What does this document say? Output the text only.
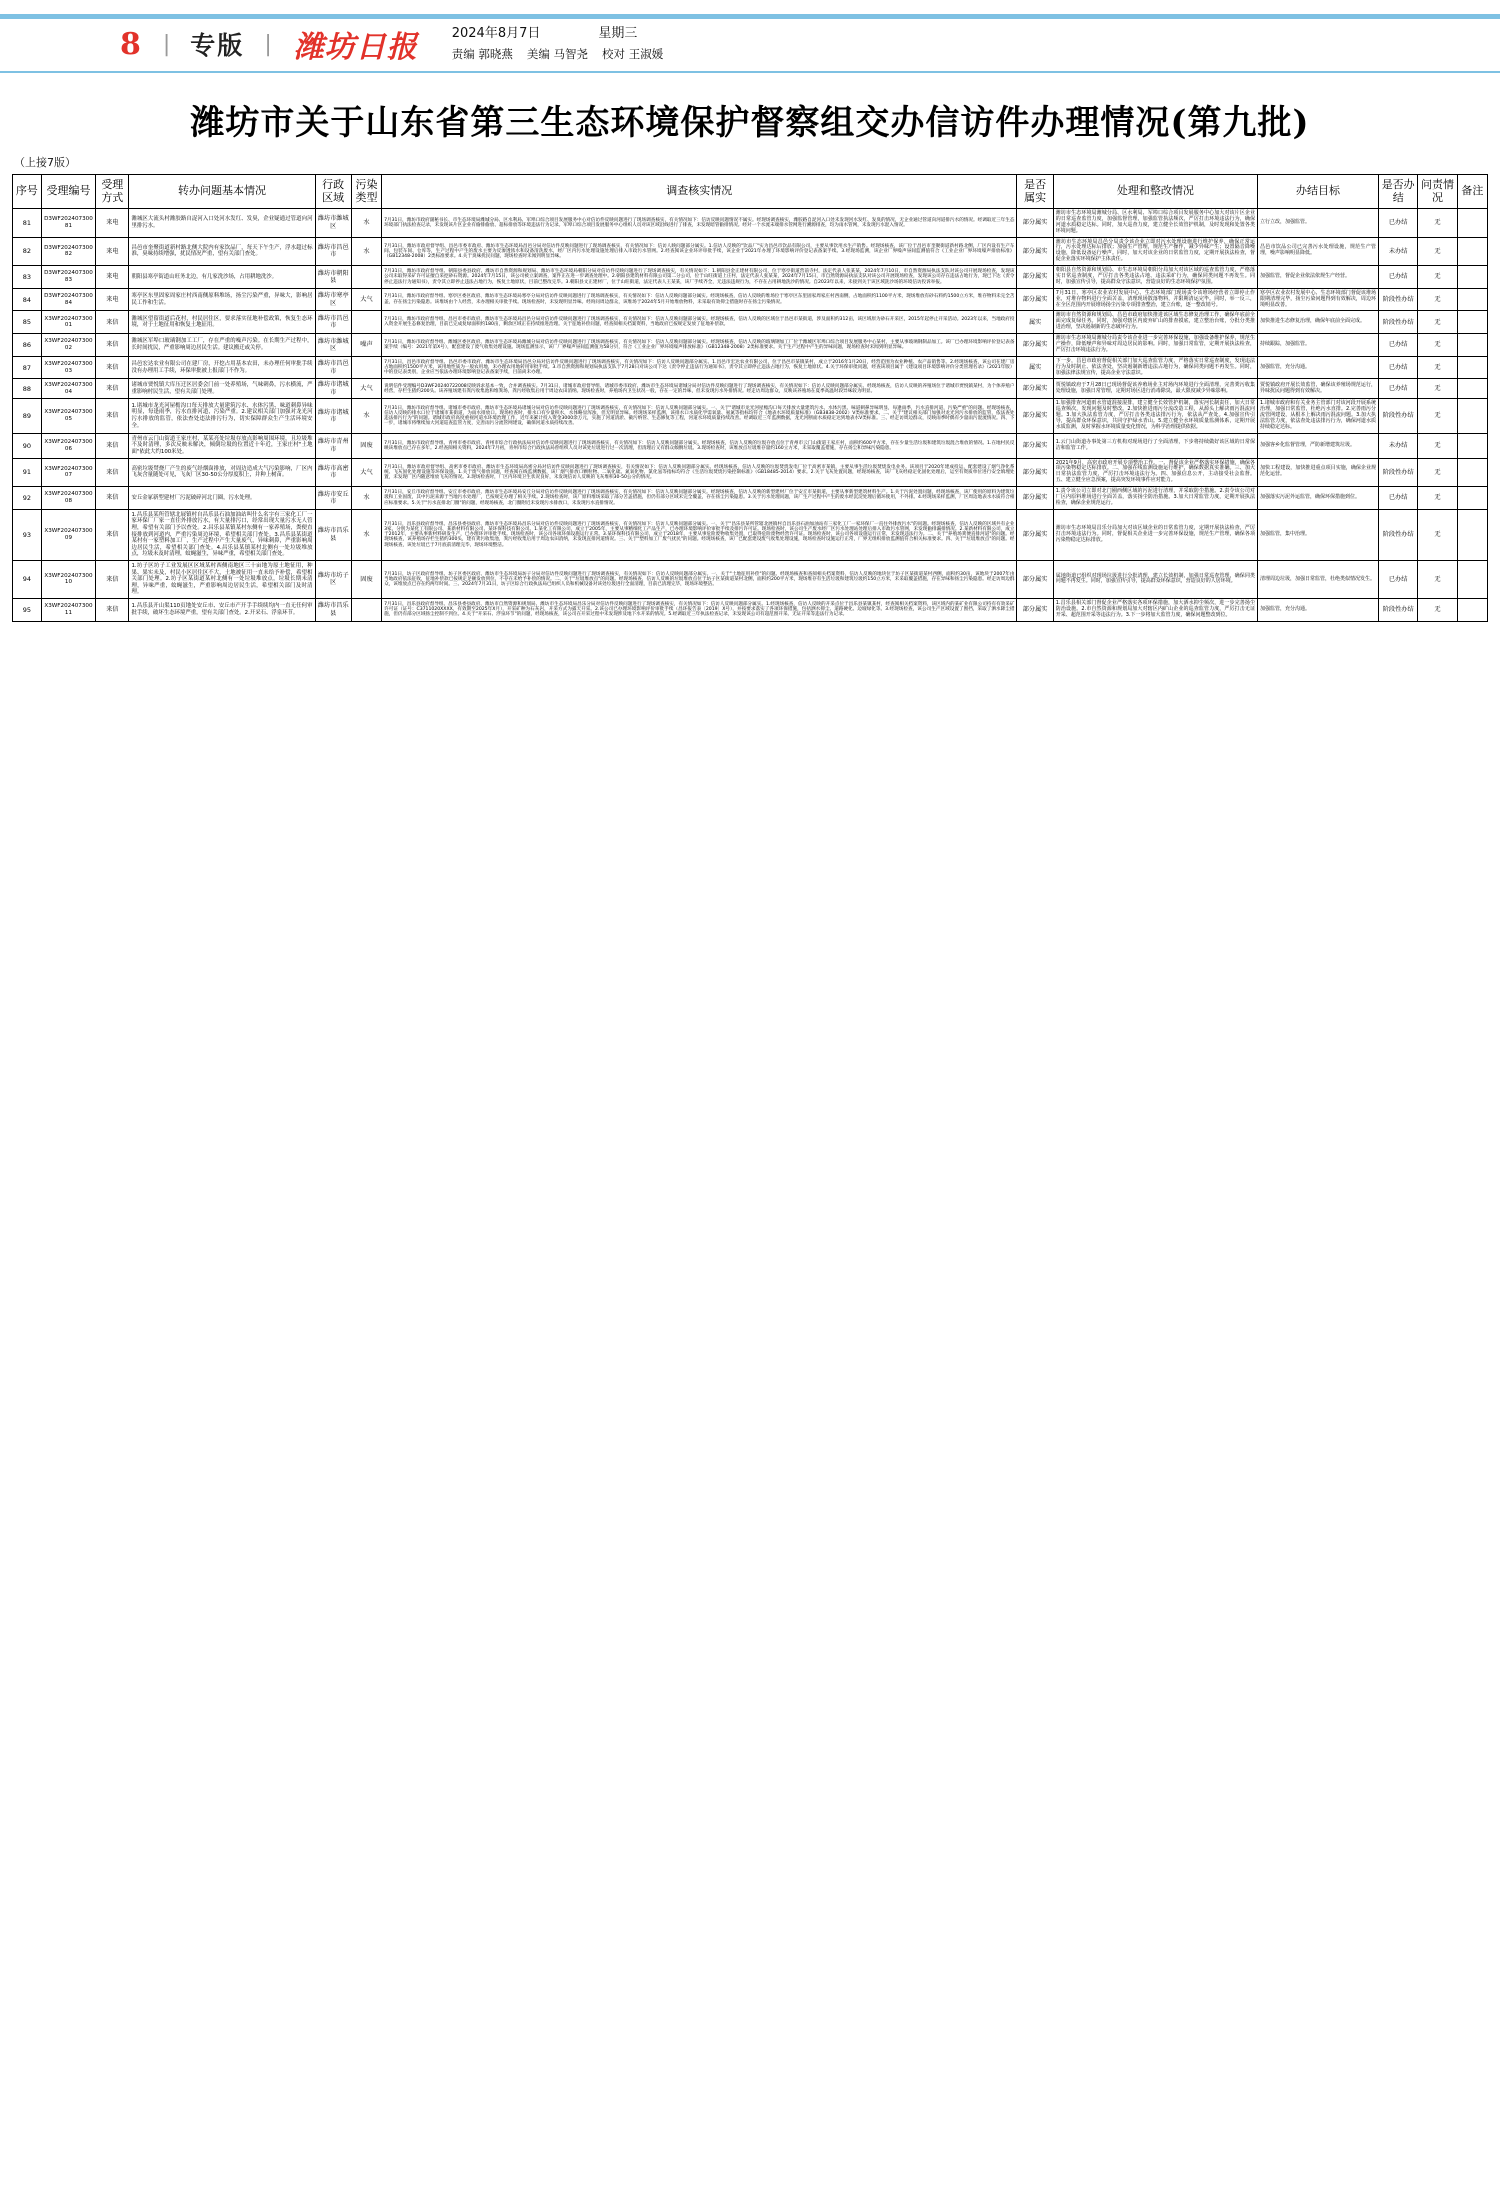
8	| 专版 | 潍坊日报	2024年8月7日	星期三
责编 郭晓燕 美编 马智尧 校对 王淑媛
潍坊市关于山东省第三生态环境保护督察组交办信访件办理情况(第九批)
（上接7版）
序号	受理编号	受理方式	转办问题基本情况	行政区域	污染类型	调查核实情况	是否属实	处理和整改情况	办结目标	是否办结	问责情况	备注
81	D3WF20240730081	来电	潍城区大流头村潍胶路自浞河入口处河水发红、发臭，企业疑通过管道向河里排污水。	潍坊市潍城区	水	7月31日，潍坊市政府副秘书长、市生态环境局潍城分局、区水利局、军埠口综合项目发展服务中心对信访件反映问题进行了现场调查核实，有关情况如下：信访反映问题情况不属实。经现场调查核实，潍胶路自浞河入口处未发现河水发红、发臭的情况，无企业通过管道向河道排污水的情况。经调取近三年生态环境部门执法检查记录，未发现该片区企业有偷排偷放、超标排放等环境违法行为记录。军埠口综合项目发展服务中心组织人员对该区域沿线进行了排查，未发现暗管偷排情况。经对一个水流末端排水管网进行溯源排查，均为雨水管网，未发现污水混入情况。	部分属实	潍坊市生态环境局潍城分局、区水利局、军埠口综合项目发展服务中心加大对该片区企业的日常巡查监管力度，加强监督管理，加强监管执法频次，严厉打击环境违法行为，确保河道水质稳定达标。同时，加大巡查力度，建立健全长效管护机制，及时发现和处置各类环境问题。	立行立改，加强监管。	已办结	无	
82	D3WF20240730082	来电	昌邑市奎聚街道新村路北侧大院内有家饮品厂，每天下午生产，浮水超过标准，臭味持续增强，扰民情况严重，望有关部门查处。	潍坊市昌邑市	水	7月31日，潍坊市政府督导组、昌邑市委市政府、潍坊市生态环境局昌邑分局对信访件反映问题进行了现场调查核实，有关情况如下：信访人映问题部分属实。1.信访人反映的"饮品厂"实为昌邑市饮品有限公司，主要从事饮用水生产销售。经现场核查，该厂位于昌邑市奎聚街道新村路北侧，厂区内设有生产车间、包装车间、仓库等，生产过程中产生的废水主要为反渗透浓水和设备清洗废水，经厂区内污水处理设施处理后排入市政污水管网。2.经查阅该企业环评审批手续，该企业于2021年办理了环境影响评价登记表备案手续。3.经现场监测，该企业厂界噪声昼间监测值符合《工业企业厂界环境噪声排放标准》（GB12348-2008）2类标准要求。4.关于臭味扰民问题，现场检查时未闻到明显异味。	部分属实	潍坊市生态环境局昌邑分局责令该企业立即对污水处理设施进行维护保养，确保正常运行，污水处理达标后排放；加强生产管理，规范生产操作，减少异味产生；设置隔音降噪设施，降低设备运行噪声。同时，加大对该企业的日常监管力度，定期开展执法检查，督促企业落实环境保护主体责任。	昌邑市饮品公司已完善污水处理设施，规范生产管理，噪声影响明显降低。	未办结	无	
83	D3WF20240730083	来电	朝阳县寒亭街道山旺务北边，有几家洗沙场，占用耕地洗沙。	潍坊市朝阳县		7月31日，潍坊市政府督导组、朝阳县委县政府、潍坊市自然资源和规划局、潍坊市生态环境局朝阳分局对信访件反映问题进行了现场调查核实，有关情况如下：1.朝阳县金正建材有限公司，位于寒亭街道营前寺村，法定代表人张某某，2024年7月10日，市自然资源局执法支队对该公司开展现场检查，发现该公司未取得采矿许可证擅自采挖砂石资源。2024年7月15日，该公司被立案调查，案件正在进一步调查处理中。2.朝阳县建筑材料有限公司第二分公司，位于山旺街道上庄村，法定代表人张某某，2024年7月15日，市自然资源局执法支队对该公司开展现场检查，发现该公司存在违法占地行为，现已下达《责令停止违法行为通知书》，责令其立即停止违法占地行为，恢复土地原状，目前已整改完毕。3.朝阳县文正建材厂，位于山旺街道，法定代表人王某某，该厂手续齐全，无违法违规行为，不存在占用耕地洗沙的情况。自2023年以来，未接到关于该区域洗沙场的环境信访投诉举报。	部分属实	朝阳县自然资源和规划局、市生态环境局朝阳分局加大对该区域的巡查监管力度，严格落实日常巡查制度，严厉打击各类违法占地、违法采矿行为，确保同类问题不再发生。同时，加强宣传引导，提高群众守法意识，营造良好的生态环境保护氛围。	加强监管，督促企业依法依规生产经营。	已办结	无	
84	D3WF20240730084	来电	寒亭区东里固家周家庄村西南侧原料堆场，扬尘污染严重，异味大，影响居民工作和生活。	潍坊市寒亭区	大气	7月31日，潍坊市政府督导组、寒亭区委区政府、潍坊市生态环境局寒亭分局对信访件反映问题进行了现场调查核实，有关情况如下：信访人反映问题部分属实。经现场核查，信访人反映的堆场位于寒亭区东里固家周家庄村西南侧，占地面积约1100平方米，现场堆放有砂石料约1500立方米，堆存物料未完全苫盖，存在扬尘污染隐患。该堆场由个人经营，未办理相关审批手续。现场检查时，未发现明显异味。经询问周边群众，该堆场于2024年5月开始堆放物料，未采取有效抑尘措施时存在扬尘污染情况。	部分属实	7月31日，寒亭区农业农村发展中心、生态环境部门现场责令该堆场经营者立即停止作业，对堆存物料进行全面苫盖，清理现场散落物料，并限期清运完毕。同时，举一反三，在全区范围内开展堆场扬尘污染专项排查整治，建立台账，逐一整改销号。	寒亭区农业农村发展中心、生态环境部门督促该堆场限期清理完毕，扬尘污染问题得到有效解决，周边环境明显改善。	阶段性办结	无	
85	X3WF20240730001	来信	潍城区望留街道后花村，村民居住区，要求落实征地补偿政策，恢复生态环境，对于土地征用和恢复土地征用。	潍坊市昌邑市		7月31日，潍坊市政府督导组、昌邑市委市政府、潍坊市生态环境局昌邑分局对信访件反映问题进行了现场调查核实，有关情况如下：信访人反映问题部分属实。经现场核查，信访人反映的区域位于昌邑市某街道，涉及面积约312亩，该区域原为砂石开采区，2015年起停止开采活动。2023年以来，当地政府投入资金开展生态修复治理，目前已完成复绿面积约180亩，剩余区域正在持续推进治理。关于征地补偿问题，经查阅相关档案资料，当地政府已按规定发放了征地补偿款。	属实	潍坊市自然资源和规划局、昌邑市政府加快推进该区域生态修复治理工作，确保年底前全面完成复绿任务。同时，加强对辖区内废弃矿山的排查摸底，建立整治台账，分批分类推进治理，坚决遏制新的生态破坏行为。	加快推进生态修复治理，确保年底前全面完成。	阶段性办结	无	
86	X3WF20240730002	来信	潍城区军埠口玻璃钢加工工厂，存在严重的噪声污染。在长期生产过程中，长时间扰民，严重影响周边居民生活。建议搬迁或关停。	潍坊市潍城区	噪声	7月31日，潍坊市政府督导组、潍城区委区政府、潍坊市生态环境局潍城分局对信访件反映问题进行了现场调查核实，有关情况如下：信访人反映问题部分属实。经现场核查，信访人反映的玻璃钢加工厂位于潍城区军埠口综合项目发展服务中心某村，主要从事玻璃钢制品加工。该厂已办理环境影响评价登记表备案手续（编号：2021年第X号），配套建设了废气收集处理设施。现场监测显示，该厂厂界噪声昼间监测值为58分贝，符合《工业企业厂界环境噪声排放标准》（GB12348-2008）2类标准要求。关于生产过程中产生的异味问题，现场检查时未闻到明显异味。	部分属实	潍坊市生态环境局潍城分局责令该企业进一步完善环保设施，加强设备维护保养，规范生产操作，降低噪声和异味对周边居民的影响。同时，加强日常监管，定期开展执法检查，严厉打击环境违法行为。	持续跟踪，加强监管。	已办结	无	
87	X3WF20240730003	来信	昌邑宏达农业有限公司在建厂房，开挖占用基本农田，未办理任何审批手续没有办理用工手续，环保审批被上报部门不作为。	潍坊市昌邑市		7月31日，昌邑市政府督导组、昌邑市委市政府、潍坊市生态环境局昌邑分局对信访件反映问题进行了现场调查核实，有关情况如下：信访人反映问题部分属实。1.昌邑市宏达农业有限公司，位于昌邑市某镇某村，成立于2016年1月20日，经营范围为农业种植、农产品销售等。2.经现场核查，该公司在建厂房占地面积约1500平方米，该用地性质为一般农用地，未办理农用地转用审批手续。3.市自然资源和规划局执法支队于7月28日对该公司下达《责令停止违法行为通知书》，责令其立即停止违法占地行为，恢复土地原状。4.关于环保审批问题，经查该项目属于《建设项目环境影响评价分类管理名录》（2021年版）中的登记表类别，企业应当依法办理环境影响登记表备案手续，目前尚未办理。	属实	下一步，昌邑市政府督促相关部门加大巡查监管力度，严格落实日常巡查制度，发现违法行为及时制止、依法查处，坚决遏制新增违法占地行为，确保同类问题不再发生。同时，加强法律法规宣传，提高企业守法意识。	加强监管，充分沟通。	已办结	无	
88	X3WF20240730004	来信	诸城市贾悦镇大库压迁区居委会门前一处养殖场，气味刺鼻，污水横流，严重影响村民生活，望有关部门处理。	潍坊市诸城市	大气	说明信件受理编号D3WF20240722008反映诉求基本一致，合并调查核实。7月31日，诸城市政府督导组、诸城市委市政府、潍坊市生态环境局诸城分局对信访件反映问题进行了现场调查核实，有关情况如下：信访人反映问题部分属实。经现场核查，信访人反映的养殖场位于诸城市贾悦镇某村，为个体养殖户经营，存栏生猪约200头。该养殖场建有粪污收集池和堆粪场，粪污经收集后用于周边农田消纳。现场检查时，养殖场内卫生状况一般，存在一定的异味，但未发现污水外排情况。经走访周边群众，反映该养殖场在夏季高温时段异味较为明显。	部分属实	贾悦镇政府于7月28日已现场督促该养殖场业主对场内环境进行全面清理，完善粪污收集处理设施，加强日常管理，定期对场区进行消毒除臭，最大限度减少异味影响。	贾悦镇政府开展长效监管，确保该养殖场规范运行，异味扰民问题得到有效解决。	已办结	无	
89	X3WF20240730005	来信	1.诸城市龙光河屋檐沟口每天排放大量建筑污水、水体污黑、味道刺鼻异味明显，每逢雨季，污水直排河道，污染严重。2.建议相关部门加强对龙光河污水排放的监管，依法查处违法排污行为，切实保障群众生产生活环境安全。	潍坊市诸城市	水	7月31日，潍坊市政府督导组、诸城市委市政府、潍坊市生态环境局诸城分局对信访件反映问题进行了现场调查核实，有关情况如下：信访人反映问题部分属实。一、关于"诸城市龙光河屋檐沟口每天排放大量建筑污水、水体污黑、味道刺鼻异味明显，每逢雨季，污水直排河道，污染严重"的问题。经现场核查，信访人反映的排水口位于诸城市某街道，为雨水排放口。现场检查时，排水口有少量积水，水体略显浑浊，但无明显异味。经现场采样监测，该排水口水质化学需氧量、氨氮等指标均符合《地表水环境质量标准》（GB3838-2002）V类标准要求。二、关于"建议相关部门加强对龙光河污水排放的监管，依法查处违法排污行为"的问题。诸城市政府高度重视河道水环境治理工作，近年来累计投入资金3000余万元，实施了河道清淤、截污纳管、生态修复等工程，河道水环境质量持续改善。经调取近三年监测数据，龙光河断面水质稳定达到地表水V类标准。三、经走访周边群众，反映雨季时偶有少量雨污混流情况。四、下一步，诸城市将继续加大河道巡查监管力度，完善雨污分流管网建设，确保河道水质持续改善。	部分属实	1.加强排查河道雨水管道混接混排，建立健全长效管护机制，落实河长制责任，加大日常巡查频次，发现问题及时整改。2.加快推进雨污分流改造工程，从源头上解决雨污混流问题。3.加大执法监管力度，严厉打击各类违法排污行为，依法从严查处。4.加强宣传引导，提高群众环保意识，共同守护绿水青山。5.建立健全水环境质量监测体系，定期开展水质监测，及时掌握水环境质量变化情况，为科学治理提供依据。	1.诸城市政府和有关业务主管部门对该河段开展系统治理，加强日常监管，杜绝污水直排。2.完善雨污分流管网建设，从根本上解决雨污混流问题。3.加大执法监管力度，依法查处违法排污行为，确保河道水质持续稳定达标。	阶段性办结	无	
90	X3WF20240730006	来信	青州市云门山街道王家庄村，某某亮处垃圾存放点影响周围环境，且垃圾堆不及时清理，多次反映未解决，倾倒垃圾的位置近十年近，王家庄村"土地面"依此大约100米处。	潍坊市青州市	固废	7月31日，潍坊市政府督导组、青州市委市政府、青州市综合行政执法局对信访件反映问题进行了现场调查核实，有关情况如下：信访人反映问题部分属实。经现场核查，信访人反映的垃圾存放点位于青州市云门山街道王家庄村，面积约600平方米，存在少量生活垃圾和建筑垃圾混合堆放的情况。1.在地村民反映该堆放点已存在多年。2.经查阅相关资料，2024年7月初，青州市综合行政执法局曾组织人员对该处垃圾进行过一次清理，但清理后又有群众倾倒垃圾。3.现场检查时，该堆放点垃圾堆存量约160立方米，未采取覆盖措施，存在扬尘和异味污染隐患。	部分属实	1.云门山街道办事处第三方机构对现场进行了全面清理，下步将持续做好该区域的日常保洁和监管工作。	加强客乡化监督管理，严防新增建筑垃圾。	未办结	无	
91	X3WF20240730007	来信	高密垃圾焚烧厂产生的废气经烟囱排放，对周边造成大气污染影响，厂区内飞灰含量随处可见，飞灰厂区30-50公分厚度积上，并种上树苗。	潍坊市高密市	大气	7月31日，潍坊市政府督导组、高密市委市政府、潍坊市生态环境局高密分局对信访件反映问题进行了现场调查核实，有关情况如下：信访人反映问题部分属实。经现场核查，信访人反映的垃圾焚烧发电厂位于高密市某镇，主要从事生活垃圾焚烧发电业务。该项目于2020年建成投运，配套建设了烟气净化系统、飞灰固化处理设施等环保设施。1.关于废气排放问题，经查阅在线监测数据，该厂烟气排放口颗粒物、二氧化硫、氮氧化物、氯化氢等指标均符合《生活垃圾焚烧污染控制标准》（GB18485-2014）要求。2.关于飞灰处置问题，经现场核查，该厂飞灰经稳定化固化处理后，运至有资质单位进行安全填埋处置，未发现厂区内随意堆放飞灰的情况。3.现场检查时，厂区内环境卫生状况良好，未发现信访人反映的飞灰堆积30-50公分的情况。	部分属实	2021年9月，高密市政府开展专项整治工作。一、督促该企业严格落实环保措施，确保各项污染物稳定达标排放。二、加强在线监测设施运行维护，确保数据真实准确。三、加大日常执法监管力度，严厉打击环境违法行为。四、加强信息公开，主动接受社会监督。五、建立健全应急预案，提高突发环境事件应对能力。	加快工程建设，加快推进重点项目实施，确保企业规范化运营。	阶段性办结	无	
92	X3WF20240730008	来信	安丘金冢新型建材厂污泥破碎河北门圈，污水处理。	潍坊市安丘市	水	7月31日，安丘市政府督导组、安丘市委市政府、潍坊市生态环境局安丘分局对信访件反映问题进行了现场调查核实，有关情况如下：信访人反映问题部分属实。经现场核查，信访人反映的新型建材厂位于安丘市某街道，主要从事新型建筑材料生产。1.关于污泥处置问题，经现场核查，该厂使用的原料为建筑垃圾和工业固废，其中污泥来源于当地污水处理厂，已按规定办理了相关手续。2.现场检查时，该厂原料堆场采取了部分苫盖措施，但仍有部分区域未完全覆盖，存在扬尘污染隐患。3.关于污水处理问题，该厂生产过程中产生的废水经沉淀处理后循环使用，不外排。4.经现场采样监测，厂区周边地表水水质符合相应标准要求。5.关于"污水直排北门圈"的问题，经现场核查，北门圈附近未发现污水排放口，未发现污水直排情况。	部分属实	1.责令该公司立即对北门圈西侧区域的污泥进行清理，并采取防尘措施。2.责令该公司对厂区内原料堆场进行全面苫盖，落实扬尘防治措施。3.加大日常监管力度，定期开展执法检查，确保企业规范运行。	加强落实污泥外运监管，确保环保措施到位。	已办结	无	
93	X3WF20240730009	来信	1.昌乐县某所管辖北展镇村自昌乐县石油加油站叫什么名字有三家化工厂一家环保厂厂家一直往外排放污水，有大量排污口，经常出现大量污水无人管理，希望有关部门予以查处。2.昌乐县某镇某村东侧有一家养殖场，粪便直接排放到河道内，严重污染周边环境，希望相关部门查处。3.昌乐县某街道某村有一家塑料加工厂，生产过程中产生大量废气，异味刺鼻，严重影响周边居民生活，希望相关部门查处。4.昌乐县某镇某村北侧有一处垃圾堆放点，垃圾未及时清理，蚊蝇滋生，异味严重，希望相关部门查处。	潍坊市昌乐县	水	7月31日，昌乐县政府督导组、昌乐县委县政府、潍坊市生态环境局昌乐分局对信访件反映问题进行了现场调查核实，有关情况如下：信访人反映问题部分属实。一、关于"昌乐县某所管辖北展镇村自昌乐县石油加油站有三家化工厂一家环保厂一直往外排放污水"的问题。经现场核查，信访人反映的区域共有企业3家，分别为某化工有限公司、某新材料有限公司、某环保科技有限公司。1.某化工有限公司，成立于2005年，主要从事精细化工产品生产，已办理环境影响评价审批手续及排污许可证。现场检查时，该公司生产废水经厂区污水处理站处理后排入市政污水管网，未发现偷排漏排情况。2.某新材料有限公司，成立于2012年，主要从事新材料研发生产，已办理环评审批手续。现场检查时，该公司各项环保设施运行正常。3.某环保科技有限公司，成立于2018年，主要从事危险废物收集处置，已取得危险废物经营许可证。现场检查时，该公司各项设施运行正常，未发现违法行为。二、关于"养殖场粪便直排河道"的问题。经现场核查，该养殖场存栏生猪约300头，建有粪污收集池，粪污经收集后用于周边农田消纳，未发现直排河道情况。三、关于"塑料加工厂废气扰民"的问题。经现场核查，该厂已配套建设废气收集处理设施，现场检查时设施运行正常，厂界无组织排放监测值符合相关标准要求。四、关于"垃圾堆放点"的问题。经现场核查，该处垃圾已于7月底前清理完毕，现场环境整洁。	部分属实	潍坊市生态环境局昌乐分局加大对该区域企业的日常监管力度，定期开展执法检查，严厉打击环境违法行为。同时，督促相关企业进一步完善环保设施，规范生产管理，确保各项污染物稳定达标排放。	加强监管，集中治理。	阶段性办结	无	
94	X3WF20240730010	来信	1.坊子区坊子工业发展区区域某村西侧南地区三十亩地为原土地征用，种果、果实未及，村民小区居住区不大，土地被征用一直未给予补偿，希望相关部门处理。2.坊子区某街道某村北侧有一处垃圾堆放点，垃圾长期未清理，异味严重，蚊蝇滋生，严重影响周边居民生活，希望相关部门及时清理。	潍坊市坊子区	固废	7月31日，坊子区政府督导组、坊子区委区政府、潍坊市生态环境局坊子分局对信访件反映问题进行了现场调查核实，有关情况如下：信访人反映问题部分属实。一、关于"土地征用补偿"的问题。经现场核查和查阅相关档案资料，信访人反映的地块位于坊子区某街道某村西侧，面积约30亩，该地块于2007年由当地政府依法征收，征地补偿款已按规定足额发放到位，不存在未给予补偿的情况。二、关于"垃圾堆放点"的问题。经现场核查，信访人反映的垃圾堆放点位于坊子区某街道某村北侧，面积约200平方米，现场堆存有生活垃圾和建筑垃圾约150立方米，未采取覆盖措施，存在异味和扬尘污染隐患。经走访周边群众，该堆放点已存在约两年时间。三、2024年7月31日，坊子区综合行政执法局已组织人员和机械设备对该处垃圾进行全面清理，目前已清理完毕，现场环境整洁。	部分属实	属地街道已组织对现场垃圾进行分批清理，建立长效机制，加强日常巡查管理，确保同类问题不再发生。同时，加强宣传引导，提高群众环保意识，营造良好的人居环境。	清理周边垃圾，加强日常监管，杜绝类似情况发生。	已办结	无	
95	X3WF20240730011	来信	1.昌乐县开山渠110页地处安丘市、安丘市产开手手续续均内一直无任何审批手续，破坏生态环境严重，望有关部门查处。2.开采石、浮泉环节。	潍坊市昌乐县		7月31日，昌乐县政府督导组、昌乐县委县政府、潍坊市自然资源和规划局、潍坊市生态环境局昌乐分局对信访件反映问题进行了现场调查核实，有关情况如下：信访人反映问题部分属实。1.经现场核查，信访人反映的开采点位于昌乐县某镇某村，经查阅相关档案资料，该区域内的某矿业有限公司持有有效采矿许可证（证号：C3711020XXXX，有效期至2025年X月），开采矿种为石灰岩，开采方式为露天开采。2.该公司已办理环境影响评价审批手续（昌环报告表〔2019〕X号），并按要求落实了各项环保措施，包括洒水抑尘、道路硬化、边坡绿化等。3.经现场检查，该公司生产区域设置了围挡，采取了洒水降尘措施，但仍有部分区域扬尘控制不到位。4.关于"开采石、浮泉环节"的问题，经现场核查，该公司在开采过程中未发现涉及地下水开采的情况。5.经调取近三年执法检查记录，未发现该公司有超范围开采、无证开采等违法行为记录。	部分属实	1.昌乐县相关部门督促企业严格落实各项环保措施，加大洒水抑尘频次，进一步完善扬尘防治设施。2.市自然资源和规划局加大对辖区内矿山企业的巡查监管力度，严厉打击无证开采、超范围开采等违法行为。3.下一步将加大监管力度，确保问题整改到位。	加强监管，充分沟通。	阶段性办结	无	
